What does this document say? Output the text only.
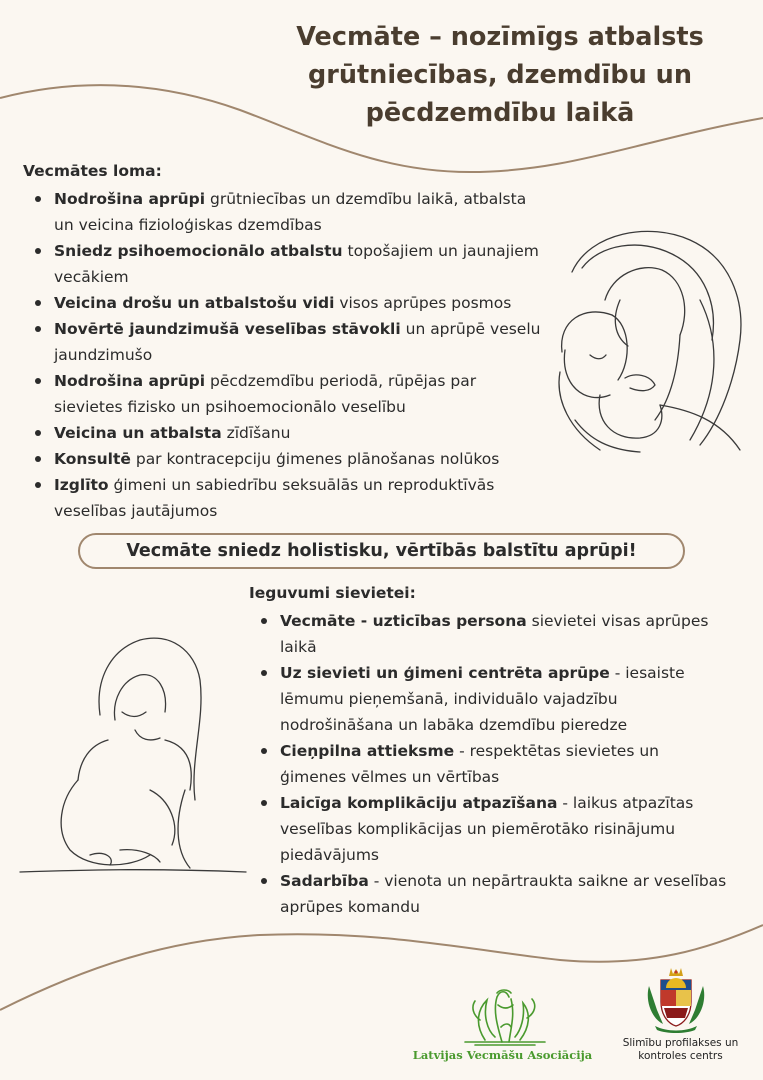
Vecmāte – nozīmīgs atbalsts
grūtniecības, dzemdību un
pēcdzemdību laikā
Vecmātes loma:
Nodrošina aprūpi grūtniecības un dzemdību laikā, atbalsta un veicina fizioloģiskas dzemdības
Sniedz psihoemocionālo atbalstu topošajiem un jaunajiem vecākiem
Veicina drošu un atbalstošu vidi visos aprūpes posmos
Novērtē jaundzimušā veselības stāvokli un aprūpē veselu jaundzimušo
Nodrošina aprūpi pēcdzemdību periodā, rūpējas par sievietes fizisko un psihoemocionālo veselību
Veicina un atbalsta zīdīšanu
Konsultē par kontracepciju ģimenes plānošanas nolūkos
Izglīto ģimeni un sabiedrību seksuālās un reproduktīvās veselības jautājumos
Vecmāte sniedz holistisku, vērtībās balstītu aprūpi!
Ieguvumi sievietei:
Vecmāte - uzticības persona sievietei visas aprūpes laikā
Uz sievieti un ģimeni centrēta aprūpe - iesaiste lēmumu pieņemšanā, individuālo vajadzību nodrošināšana un labāka dzemdību pieredze
Cieņpilna attieksme - respektētas sievietes un ģimenes vēlmes un vērtības
Laicīga komplikāciju atpazīšana - laikus atpazītas veselības komplikācijas un piemērotāko risinājumu piedāvājums
Sadarbība - vienota un nepārtraukta saikne ar veselības aprūpes komandu
Latvijas Vecmāšu Asociācija
Slimību profilakses un
kontroles centrs
